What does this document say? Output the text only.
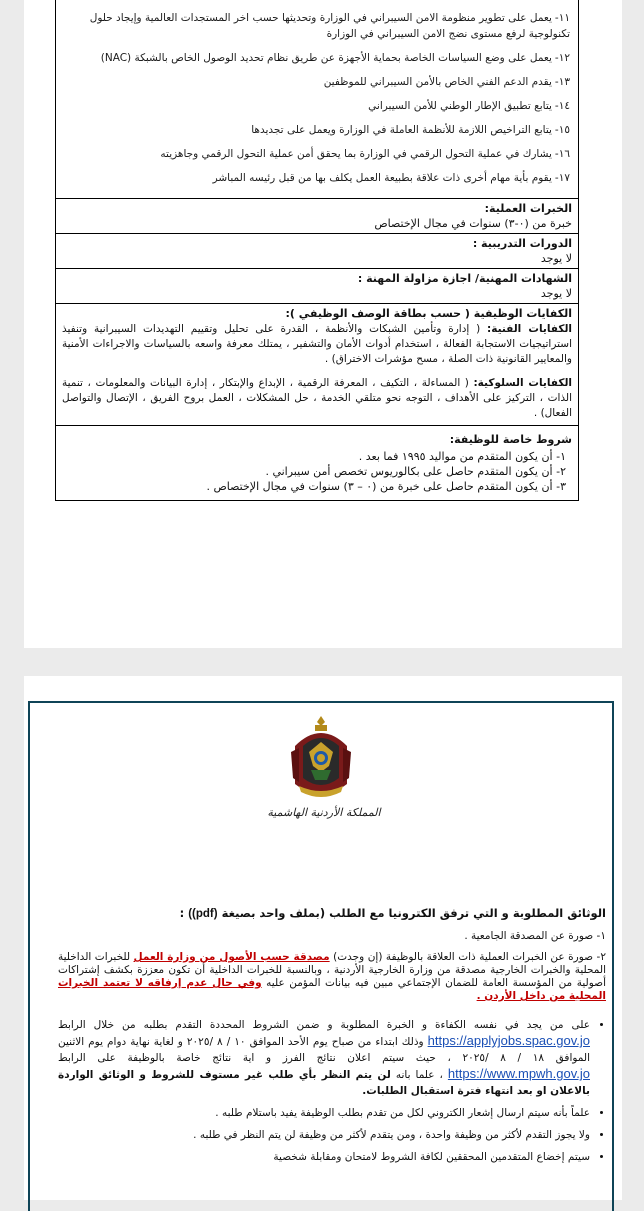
١١-يعمل على تطوير منظومة الامن السيبراني في الوزارة وتحديثها حسب اخر المستجدات العالمية وإيجاد حلول تكنولوجية لرفع مستوى نضج الامن السيبراني في الوزارة
١٢-يعمل على وضع السياسات الخاصة بحماية الأجهزة عن طريق نظام تحديد الوصول الخاص بالشبكة (NAC)
١٣-يقدم الدعم الفني الخاص بالأمن السيبراني للموظفين
١٤-يتابع تطبيق الإطار الوطني للأمن السيبراني
١٥-يتابع التراخيص اللازمة للأنظمة العاملة في الوزارة ويعمل على تجديدها
١٦-يشارك في عملية التحول الرقمي في الوزارة بما يحقق أمن عملية التحول الرقمي وجاهزيته
١٧-يقوم بأية مهام أخرى ذات علاقة بطبيعة العمل يكلف بها من قبل رئيسه المباشر
الخبرات العملية:
خبرة من (٠-٣) سنوات في مجال الإختصاص
الدورات التدريبية :
لا يوجد
الشهادات المهنية/ اجازة مزاولة المهنة :
لا يوجد
الكفايات الوظيفية ( حسب بطاقة الوصف الوظيفي ):
الكفايات الفنية: ( إدارة وتأمين الشبكات والأنظمة ، القدرة على تحليل وتقييم التهديدات السيبرانية وتنفيذ استراتيجيات الاستجابة الفعالة ، استخدام أدوات الأمان والتشفير ، يمتلك معرفة واسعه بالسياسات والاجراءات الأمنية والمعايير القانونية ذات الصلة ، مسح مؤشرات الاختراق) .
الكفايات السلوكية: ( المساءلة ، التكيف ، المعرفة الرقمية ، الإبداع والإبتكار ، إدارة البيانات والمعلومات ، تنمية الذات ، التركيز على الأهداف ، التوجه نحو متلقي الخدمة ، حل المشكلات ، العمل بروح الفريق ، الإتصال والتواصل الفعال) .
شروط خاصة للوظيفة:
١- أن يكون المتقدم من مواليد ١٩٩٥ فما بعد .
٢- أن يكون المتقدم حاصل على بكالوريوس تخصص أمن سيبراني .
٣- أن يكون المتقدم حاصل على خبرة من (٠ – ٣) سنوات في مجال الإختصاص .
المملكة الأردنية الهاشمية
الوثائق المطلوبة و التي ترفق الكترونيا مع الطلب (بملف واحد بصيغة (pdf)) :
١- صورة عن المصدقة الجامعية .
٢- صورة عن الخبرات العملية ذات العلاقة بالوظيفة (إن وجدت) مصدقة حسب الأصول من وزارة العمل للخبرات الداخلية المحلية والخبرات الخارجية مصدقة من وزارة الخارجية الأردنية ، وبالنسبة للخبرات الداخلية أن تكون معززة بكشف إشتراكات أصولية من المؤسسة العامة للضمان الإجتماعي مبين فيه بيانات المؤمن عليه وفي حال عدم إرفاقه لا تعتمد الخبرات المحلية من داخل الأردن .
• على من يجد في نفسه الكفاءة و الخبرة المطلوبة و ضمن الشروط المحددة التقدم بطلبه من خلال الرابط https://applyjobs.spac.gov.jo وذلك ابتداء من صباح يوم الأحد الموافق ١٠ / ٨ /٢٠٢٥ و لغاية نهاية دوام يوم الاثنين الموافق ١٨ / ٨ /٢٠٢٥ ، حيث سيتم اعلان نتائج الفرز و اية نتائج خاصة بالوظيفة على الرابط https://www.mpwh.gov.jo ، علما بانه لن يتم النظر بأي طلب غير مستوف للشروط و الوثائق الواردة بالاعلان او بعد انتهاء فترة استقبال الطلبات.
• علماً بأنه سيتم ارسال إشعار الكتروني لكل من تقدم بطلب الوظيفة يفيد باستلام طلبه .
• ولا يجوز التقدم لأكثر من وظيفة واحدة ، ومن يتقدم لأكثر من وظيفة لن يتم النظر في طلبه .
• سيتم إخضاع المتقدمين المحققين لكافة الشروط لامتحان ومقابلة شخصية
